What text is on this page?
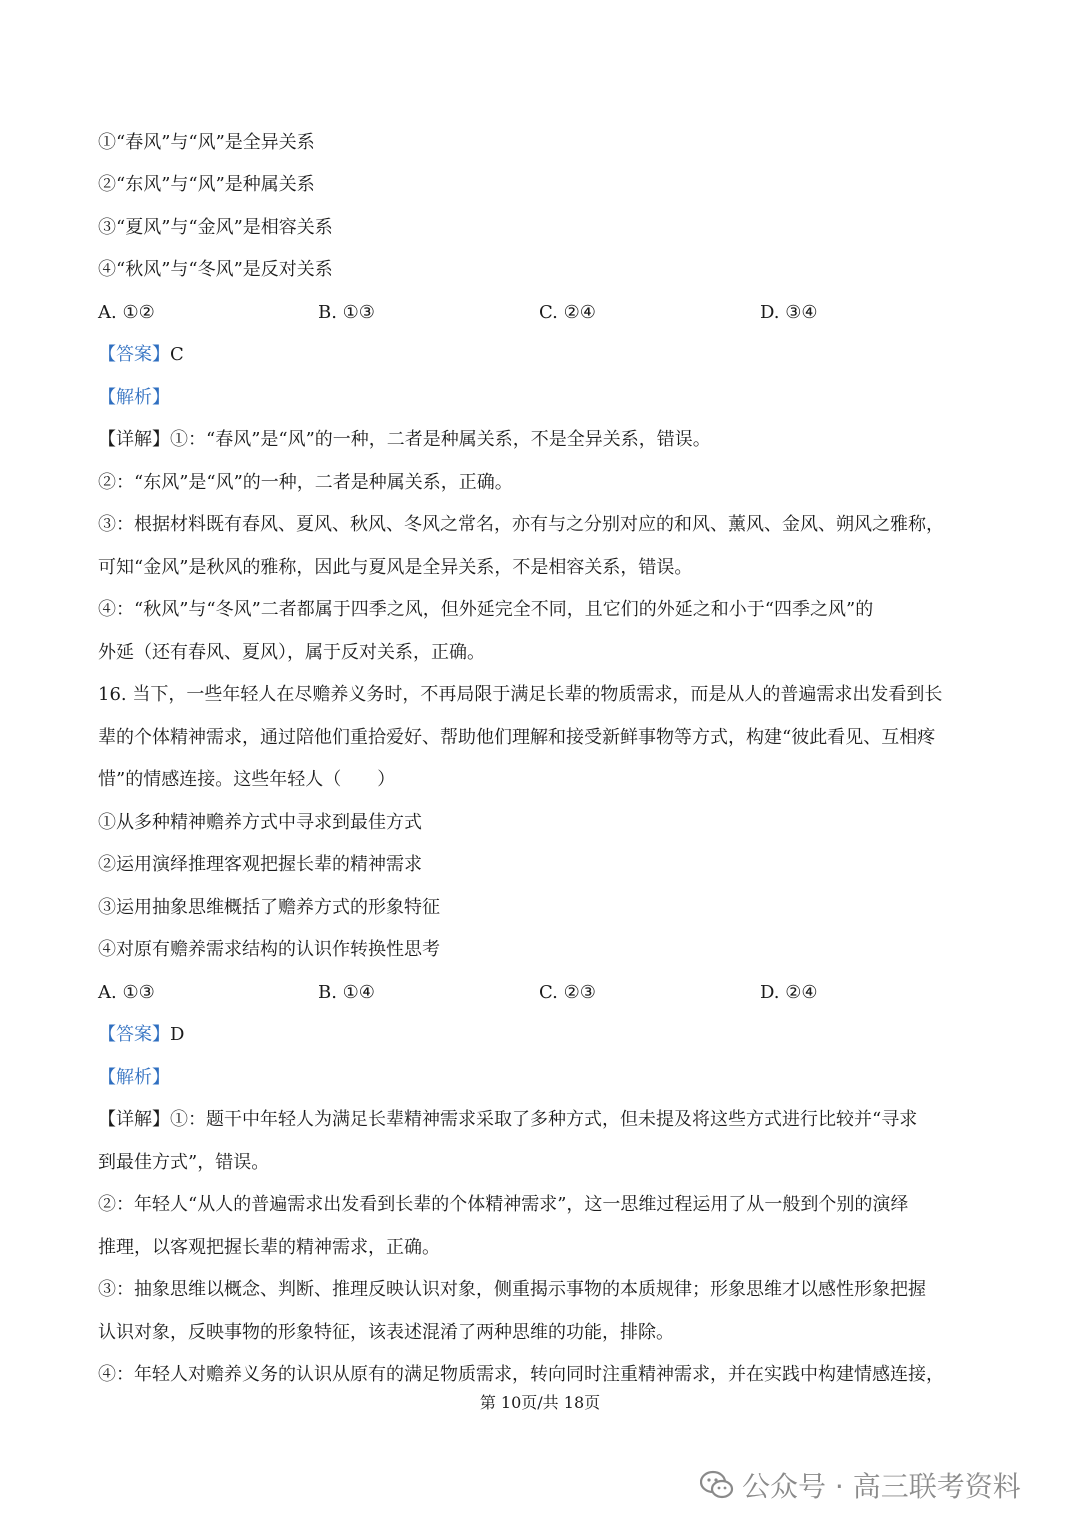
①“春风”与“风”是全异关系
②“东风”与“风”是种属关系
③“夏风”与“金风”是相容关系
④“秋风”与“冬风”是反对关系
A. ①②	B. ①③	C. ②④	D. ③④
【答案】C
【解析】
【详解】①：“春风”是“风”的一种，二者是种属关系，不是全异关系，错误。
②：“东风”是“风”的一种，二者是种属关系，正确。
③：根据材料既有春风、夏风、秋风、冬风之常名，亦有与之分别对应的和风、薰风、金风、朔风之雅称，
可知“金风”是秋风的雅称，因此与夏风是全异关系，不是相容关系，错误。
④：“秋风”与“冬风”二者都属于四季之风，但外延完全不同，且它们的外延之和小于“四季之风”的
外延（还有春风、夏风），属于反对关系，正确。
16. 当下，一些年轻人在尽赡养义务时，不再局限于满足长辈的物质需求，而是从人的普遍需求出发看到长
辈的个体精神需求，通过陪他们重拾爱好、帮助他们理解和接受新鲜事物等方式，构建“彼此看见、互相疼
惜”的情感连接。这些年轻人（　　）
①从多种精神赡养方式中寻求到最佳方式
②运用演绎推理客观把握长辈的精神需求
③运用抽象思维概括了赡养方式的形象特征
④对原有赡养需求结构的认识作转换性思考
A. ①③	B. ①④	C. ②③	D. ②④
【答案】D
【解析】
【详解】①：题干中年轻人为满足长辈精神需求采取了多种方式，但未提及将这些方式进行比较并“寻求
到最佳方式”，错误。
②：年轻人“从人的普遍需求出发看到长辈的个体精神需求”，这一思维过程运用了从一般到个别的演绎
推理，以客观把握长辈的精神需求，正确。
③：抽象思维以概念、判断、推理反映认识对象，侧重揭示事物的本质规律；形象思维才以感性形象把握
认识对象，反映事物的形象特征，该表述混淆了两种思维的功能，排除。
④：年轻人对赡养义务的认识从原有的满足物质需求，转向同时注重精神需求，并在实践中构建情感连接，
第 10页/共 18页
公众号 · 高三联考资料
